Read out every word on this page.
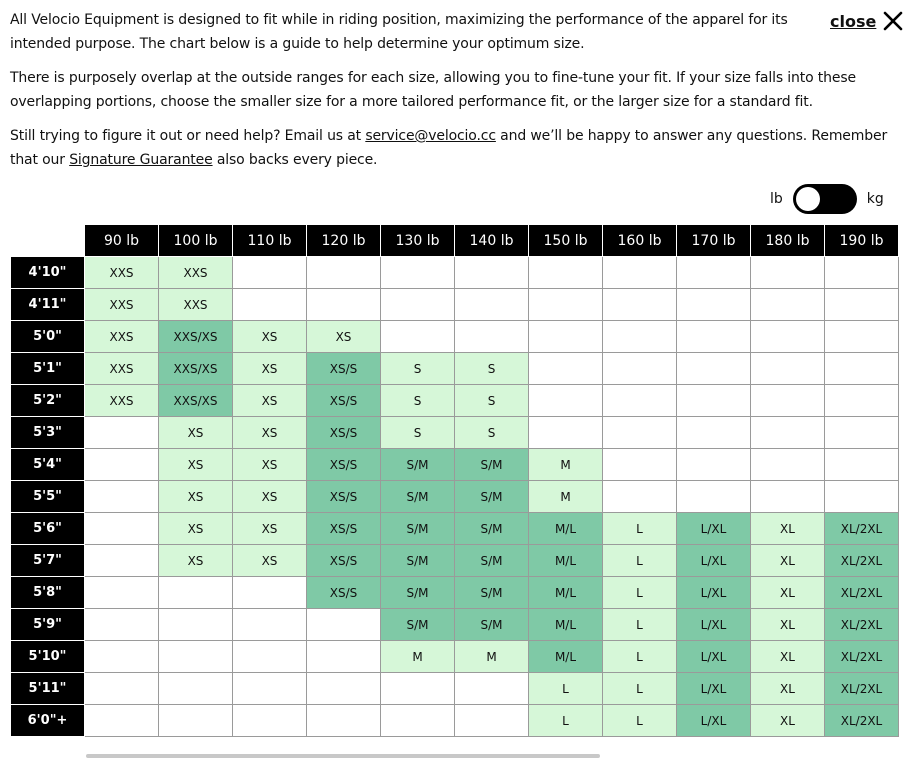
All Velocio Equipment is designed to fit while in riding position, maximizing the performance of the apparel for its intended purpose. The chart below is a guide to help determine your optimum size.

There is purposely overlap at the outside ranges for each size, allowing you to fine-tune your fit. If your size falls into these overlapping portions, choose the smaller size for a more tailored performance fit, or the larger size for a standard fit.

Still trying to figure it out or need help? Email us at service@velocio.cc and we’ll be happy to answer any questions. Remember that our Signature Guarantee also backs every piece.

close
lb	kg
	90 lb	100 lb	110 lb	120 lb	130 lb	140 lb	150 lb	160 lb	170 lb	180 lb	190 lb
4'10"	XXS	XXS									
4'11"	XXS	XXS									
5'0"	XXS	XXS/XS	XS	XS							
5'1"	XXS	XXS/XS	XS	XS/S	S	S					
5'2"	XXS	XXS/XS	XS	XS/S	S	S					
5'3"		XS	XS	XS/S	S	S					
5'4"		XS	XS	XS/S	S/M	S/M	M				
5'5"		XS	XS	XS/S	S/M	S/M	M				
5'6"		XS	XS	XS/S	S/M	S/M	M/L	L	L/XL	XL	XL/2XL
5'7"		XS	XS	XS/S	S/M	S/M	M/L	L	L/XL	XL	XL/2XL
5'8"				XS/S	S/M	S/M	M/L	L	L/XL	XL	XL/2XL
5'9"					S/M	S/M	M/L	L	L/XL	XL	XL/2XL
5'10"					M	M	M/L	L	L/XL	XL	XL/2XL
5'11"							L	L	L/XL	XL	XL/2XL
6'0"+							L	L	L/XL	XL	XL/2XL
